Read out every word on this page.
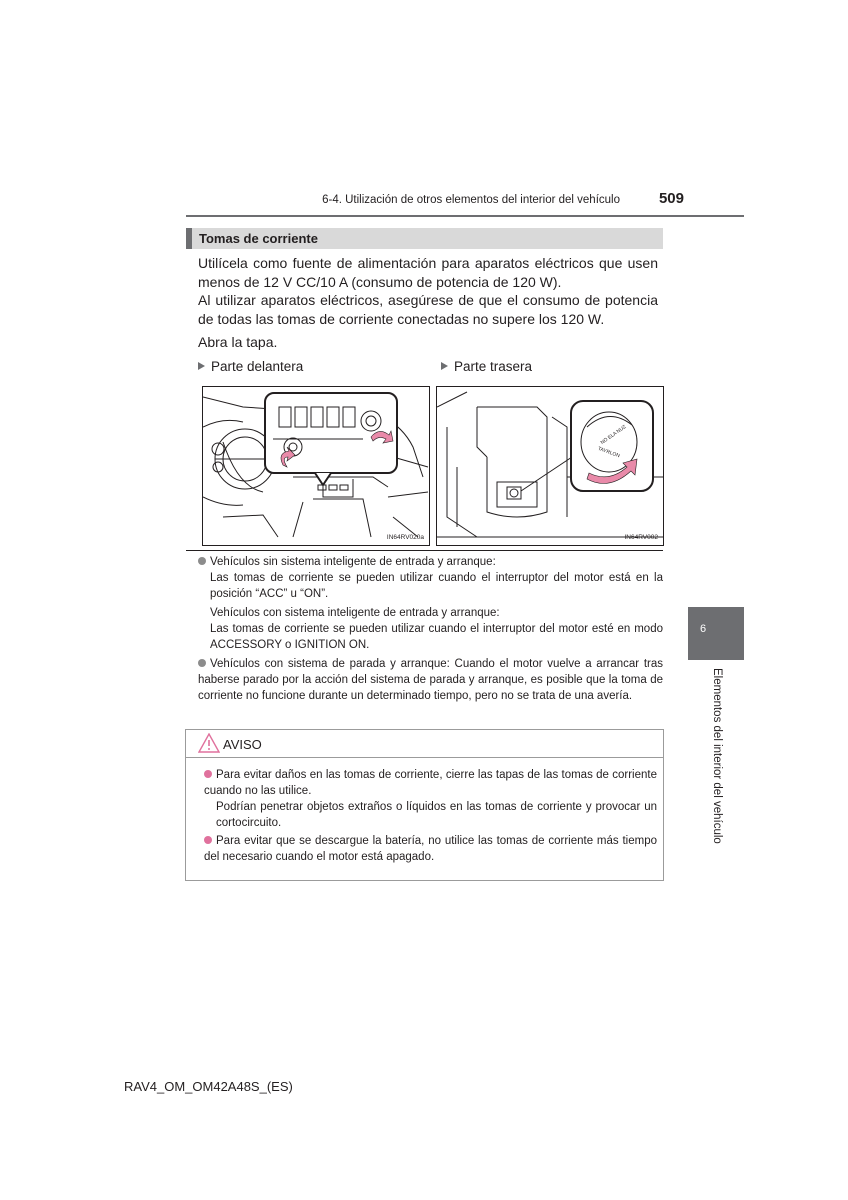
6-4. Utilización de otros elementos del interior del vehículo	509
Tomas de corriente
Utilícela como fuente de alimentación para aparatos eléctricos que usen menos de 12 V CC/10 A (consumo de potencia de 120 W).
Al utilizar aparatos eléctricos, asegúrese de que el consumo de potencia de todas las tomas de corriente conectadas no supere los 120 W.
Abra la tapa.
Parte delantera	Parte trasera
IN64RV020a
NO ELA NUZ
TAYRLON
IN64RV002
Vehículos sin sistema inteligente de entrada y arranque:
Las tomas de corriente se pueden utilizar cuando el interruptor del motor está en la posición “ACC” u “ON”.
Vehículos con sistema inteligente de entrada y arranque:
Las tomas de corriente se pueden utilizar cuando el interruptor del motor esté en modo ACCESSORY o IGNITION ON.
Vehículos con sistema de parada y arranque: Cuando el motor vuelve a arrancar tras haberse parado por la acción del sistema de parada y arranque, es posible que la toma de corriente no funcione durante un determinado tiempo, pero no se trata de una avería.
AVISO
Para evitar daños en las tomas de corriente, cierre las tapas de las tomas de corriente cuando no las utilice.
Podrían penetrar objetos extraños o líquidos en las tomas de corriente y provocar un cortocircuito.
Para evitar que se descargue la batería, no utilice las tomas de corriente más tiempo del necesario cuando el motor está apagado.
6
Elementos del interior del vehículo
RAV4_OM_OM42A48S_(ES)
